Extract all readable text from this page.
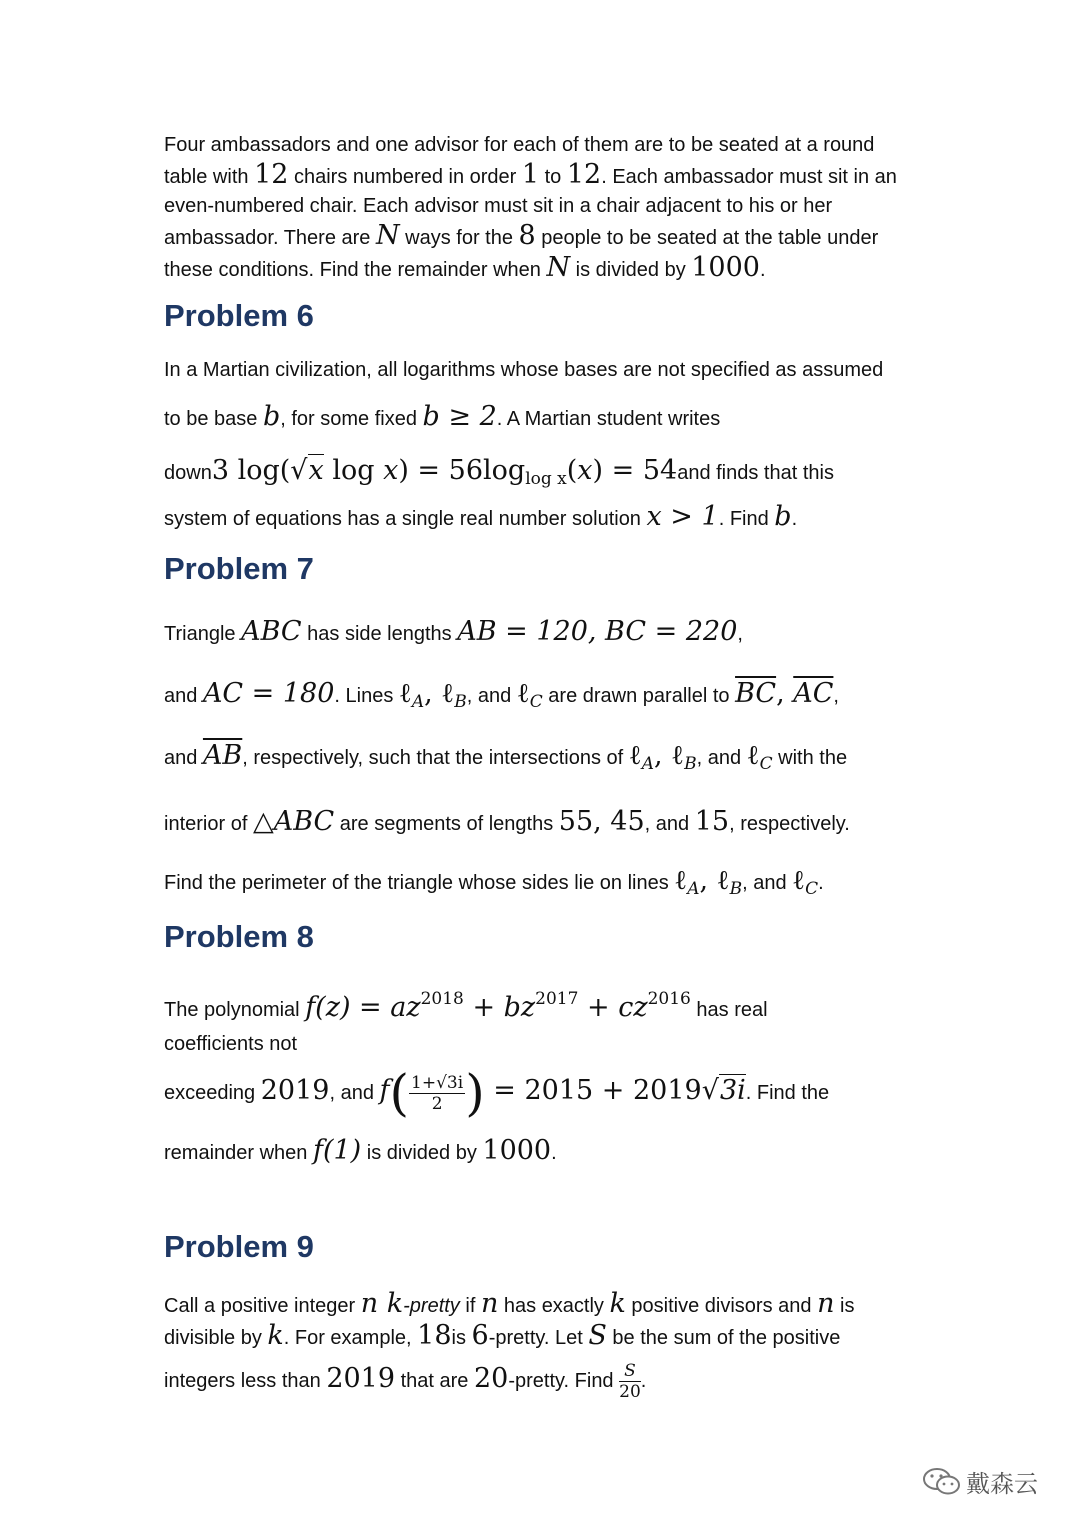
Four ambassadors and one advisor for each of them are to be seated at a round

table with 12 chairs numbered in order 1 to 12. Each ambassador must sit in an

even-numbered chair. Each advisor must sit in a chair adjacent to his or her

ambassador. There are N ways for the 8 people to be seated at the table under

these conditions. Find the remainder when N is divided by 1000.

Problem 6

In a Martian civilization, all logarithms whose bases are not specified as assumed

to be base b, for some fixed b ≥ 2. A Martian student writes

down3 log(√x $\log x) = 56\log_{log x}(x) = 54and$ finds that this

system of equations has a single real number solution x > 1. Find b.

Problem 7

Triangle ABC has side lengths AB = 120, BC = 220,

and AC = 180. Lines ℓ$_A$, ℓ$_B$, and ℓ$_C$ are drawn parallel to $\overline{BC}$, $\overline{AC}$,

and $\overline{AB}$, respectively, such that the intersections of ℓ$_A$, ℓ$_B$, and ℓ$_C$ with the

interior of △ABC are segments of lengths 55, 45, and 15, respectively.

Find the perimeter of the triangle whose sides lie on lines ℓ$_A$, ℓ$_B$, and ℓ$_C$.

Problem 8

The polynomial $f(z) = az^{2018} + bz^{2017} + cz^{2016}$ has real

coefficients not

exceeding 2019, and $f( \frac{1+√3i}{2}$ ) = 2015 + 2019√3i. Find the

remainder when f(1) is divided by 1000.

Problem 9

Call a positive integer n k-pretty if n has exactly k positive divisors and n is

divisible by k. For example, 18is 6-pretty. Let S be the sum of the positive

integers less than 2019 that are 20-pretty. Find $\frac{S}{20}$ .

戴森云
